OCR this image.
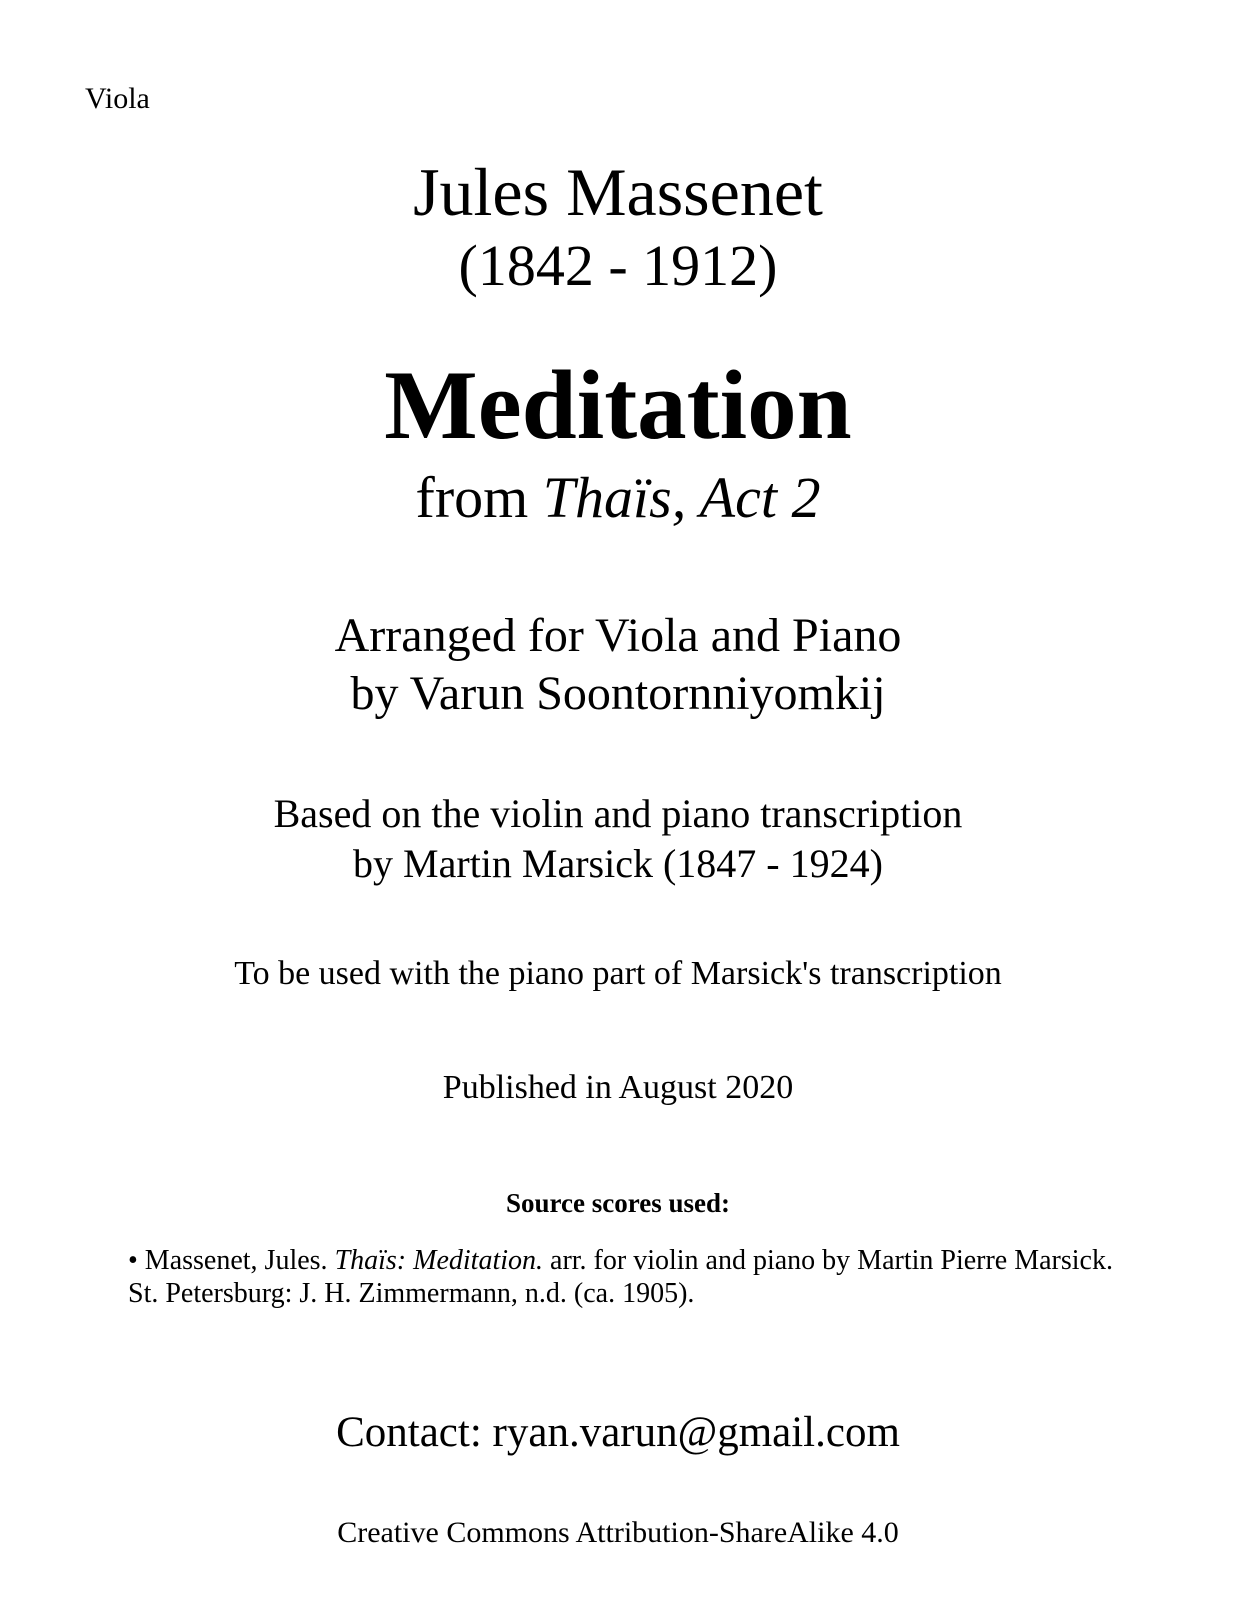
Viola
Jules Massenet
(1842 - 1912)
Meditation
from Thaïs, Act 2
Arranged for Viola and Piano
by Varun Soontornniyomkij
Based on the violin and piano transcription
by Martin Marsick (1847 - 1924)
To be used with the piano part of Marsick's transcription
Published in August 2020
Source scores used:
• Massenet, Jules. Thaïs: Meditation. arr. for violin and piano by Martin Pierre Marsick.
St. Petersburg: J. H. Zimmermann, n.d. (ca. 1905).
Contact: ryan.varun@gmail.com
Creative Commons Attribution-ShareAlike 4.0
